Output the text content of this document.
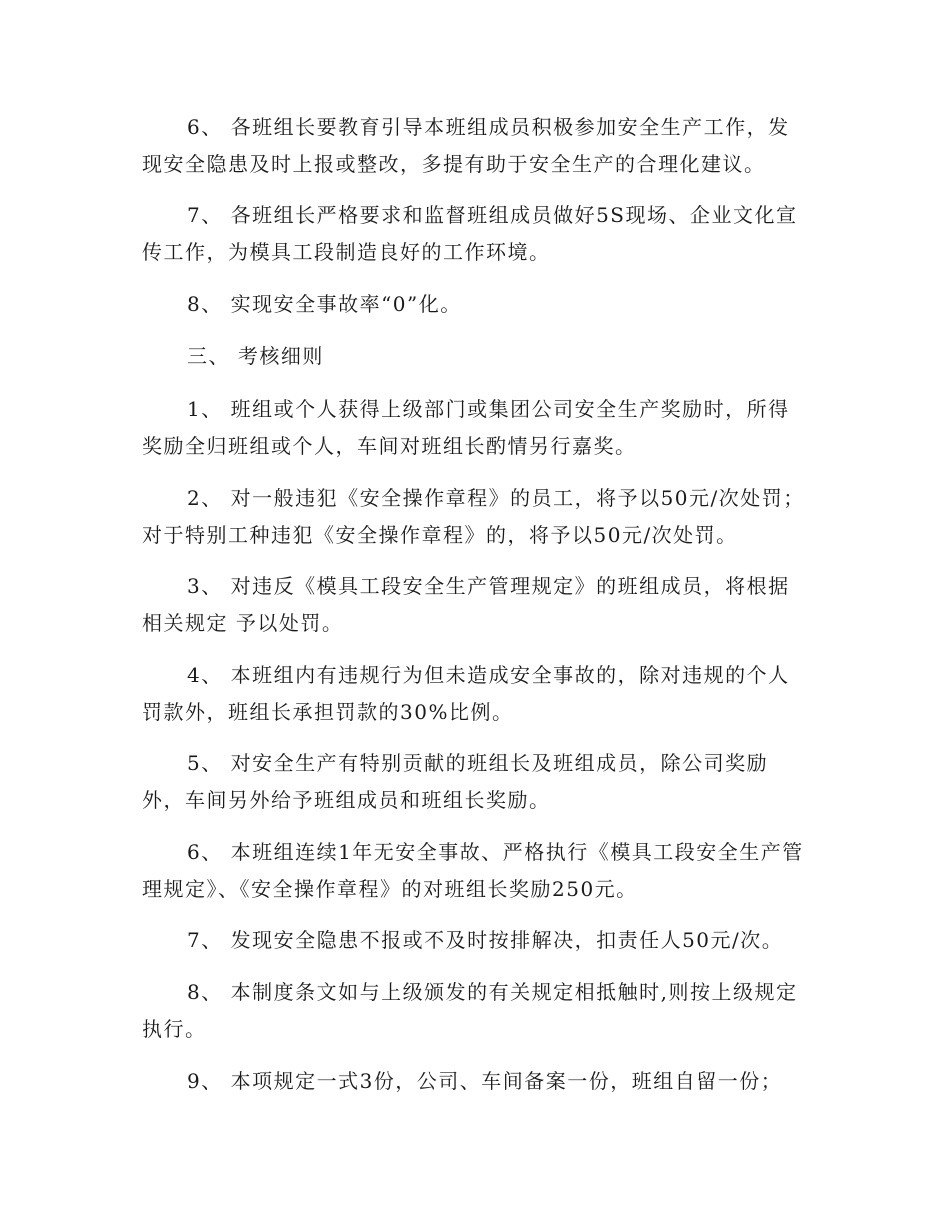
6、 各班组长要教育引导本班组成员积极参加安全生产工作，发现安全隐患及时上报或整改，多提有助于安全生产的合理化建议。

7、 各班组长严格要求和监督班组成员做好5S现场、企业文化宣传工作，为模具工段制造良好的工作环境。

8、 实现安全事故率“0”化。

三、 考核细则

1、 班组或个人获得上级部门或集团公司安全生产奖励时，所得奖励全归班组或个人，车间对班组长酌情另行嘉奖。

2、 对一般违犯《安全操作章程》的员工，将予以50元/次处罚；对于特别工种违犯《安全操作章程》的，将予以50元/次处罚。

3、 对违反《模具工段安全生产管理规定》的班组成员，将根据相关规定 予以处罚。

4、 本班组内有违规行为但未造成安全事故的，除对违规的个人罚款外，班组长承担罚款的30%比例。

5、 对安全生产有特别贡献的班组长及班组成员，除公司奖励外，车间另外给予班组成员和班组长奖励。

6、 本班组连续1年无安全事故、严格执行《模具工段安全生产管理规定》、《安全操作章程》的对班组长奖励250元。

7、 发现安全隐患不报或不及时按排解决，扣责任人50元/次。

8、 本制度条文如与上级颁发的有关规定相抵触时,则按上级规定执行。

9、 本项规定一式3份，公司、车间备案一份，班组自留一份；
